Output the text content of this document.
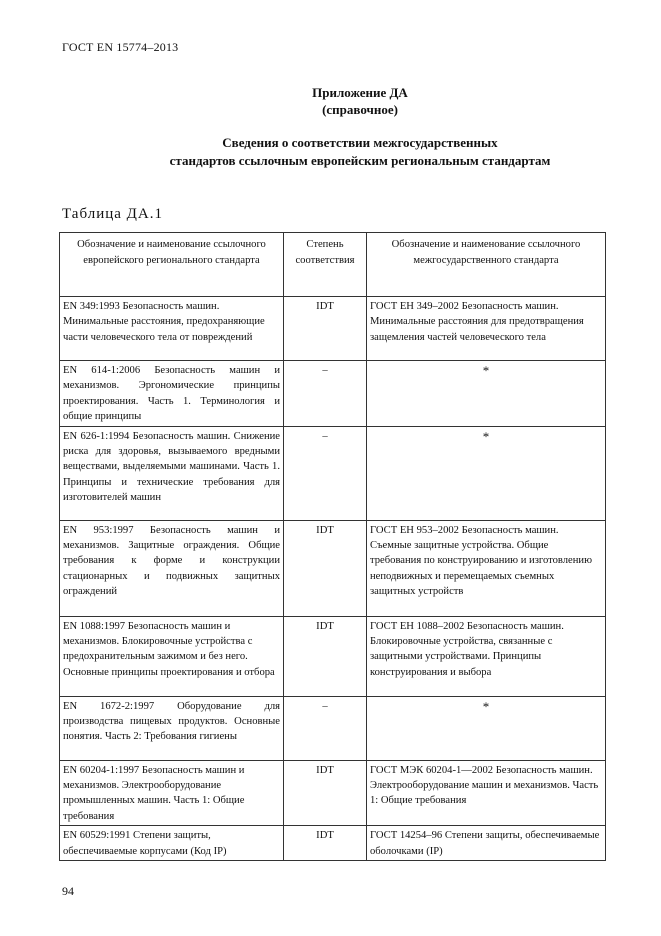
ГОСТ EN 15774–2013
Приложение ДА
(справочное)
Сведения о соответствии межгосударственных
стандартов ссылочным европейским региональным стандартам
Таблица ДА.1
Обозначение и наименование ссылочного европейского регионального стандарта	Степень соответствия	Обозначение и наименование ссылочного межгосударственного стандарта
EN 349:1993 Безопасность машин. Минимальные расстояния, предохраняющие части человеческого тела от повреждений	IDT	ГОСТ ЕН 349–2002 Безопасность машин. Минимальные расстояния для предотвращения защемления частей человеческого тела
EN 614-1:2006 Безопасность машин и механизмов. Эргономические принципы проектирования. Часть 1. Терминология и общие принципы	–	*
EN 626-1:1994 Безопасность машин. Снижение риска для здоровья, вызываемого вредными веществами, выделяемыми машинами. Часть 1. Принципы и технические требования для изготовителей машин	–	*
EN 953:1997 Безопасность машин и механизмов. Защитные ограждения. Общие требования к форме и конструкции стационарных и подвижных защитных ограждений	IDT	ГОСТ ЕН 953–2002 Безопасность машин. Съемные защитные устройства. Общие требования по конструированию и изготовлению неподвижных и перемещаемых съемных защитных устройств
EN 1088:1997 Безопасность машин и механизмов. Блокировочные устройства с предохранительным зажимом и без него. Основные принципы проектирования и отбора	IDT	ГОСТ ЕН 1088–2002 Безопасность машин. Блокировочные устройства, связанные с защитными устройствами. Принципы конструирования и выбора
EN 1672-2:1997 Оборудование для производства пищевых продуктов. Основные понятия. Часть 2: Требования гигиены	–	*
EN 60204-1:1997 Безопасность машин и механизмов. Электрооборудование промышленных машин. Часть 1: Общие требования	IDT	ГОСТ МЭК 60204-1—2002 Безопасность машин. Электрооборудование машин и механизмов. Часть 1: Общие требования
EN 60529:1991 Степени защиты, обеспечиваемые корпусами (Код IP)	IDT	ГОСТ 14254–96 Степени защиты, обеспечиваемые оболочками (IP)
94
